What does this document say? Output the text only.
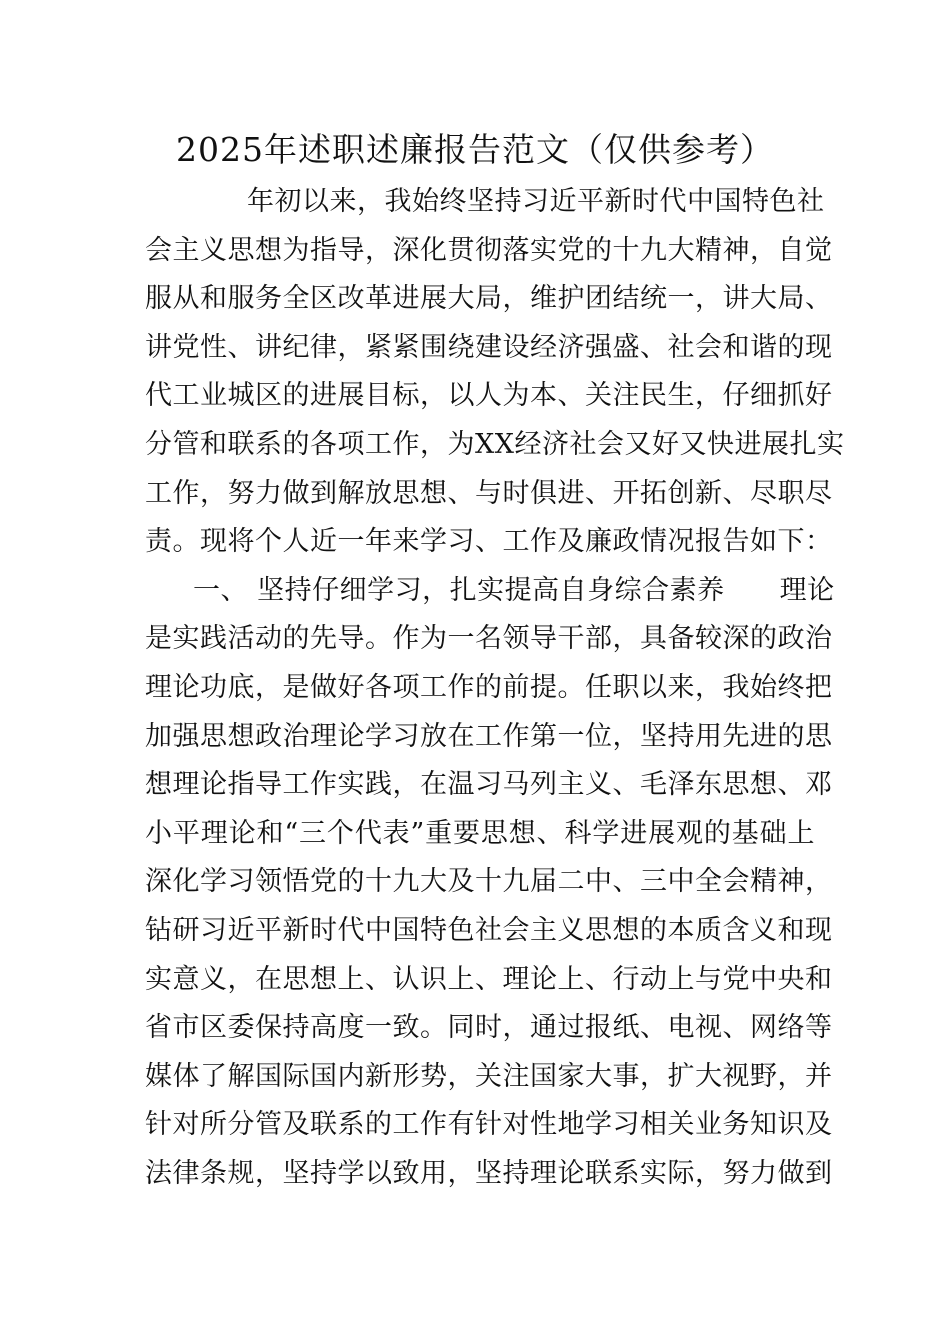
2025年述职述廉报告范文（仅供参考）
年初以来，我始终坚持习近平新时代中国特色社
会主义思想为指导，深化贯彻落实党的十九大精神，自觉
服从和服务全区改革进展大局，维护团结统一，讲大局、
讲党性、讲纪律，紧紧围绕建设经济强盛、社会和谐的现
代工业城区的进展目标，以人为本、关注民生，仔细抓好
分管和联系的各项工作，为XX经济社会又好又快进展扎实
工作，努力做到解放思想、与时俱进、开拓创新、尽职尽
责。现将个人近一年来学习、工作及廉政情况报告如下：
一、 坚持仔细学习，扎实提高自身综合素养　　理论
是实践活动的先导。作为一名领导干部，具备较深的政治
理论功底，是做好各项工作的前提。任职以来，我始终把
加强思想政治理论学习放在工作第一位，坚持用先进的思
想理论指导工作实践，在温习马列主义、毛泽东思想、邓
小平理论和“三个代表”重要思想、科学进展观的基础上
深化学习领悟党的十九大及十九届二中、三中全会精神，
钻研习近平新时代中国特色社会主义思想的本质含义和现
实意义，在思想上、认识上、理论上、行动上与党中央和
省市区委保持高度一致。同时，通过报纸、电视、网络等
媒体了解国际国内新形势，关注国家大事，扩大视野，并
针对所分管及联系的工作有针对性地学习相关业务知识及
法律条规，坚持学以致用，坚持理论联系实际，努力做到
